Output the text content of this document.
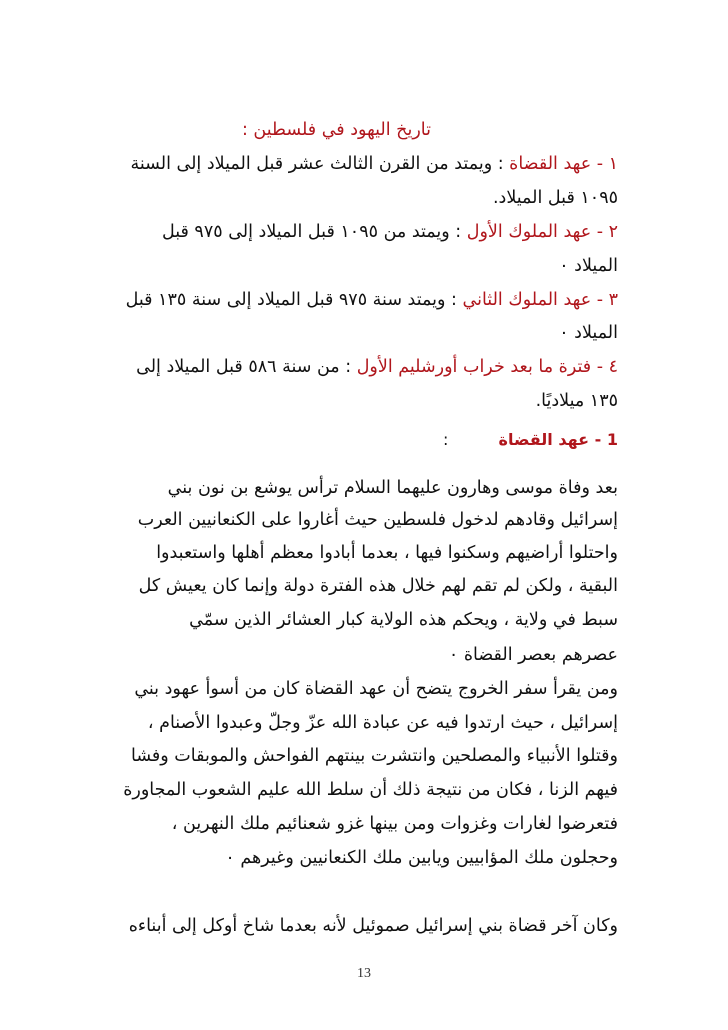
تاريخ اليهود في فلسطين :
١ - عهد القضاة : ويمتد من القرن الثالث عشر قبل الميلاد إلى السنة
١٠٩٥ قبل الميلاد.
٢ - عهد الملوك الأول : ويمتد من ١٠٩٥ قبل الميلاد إلى ٩٧٥ قبل
الميلاد ٠
٣ - عهد الملوك الثاني : ويمتد سنة ٩٧٥ قبل الميلاد إلى سنة ١٣٥ قبل
الميلاد ٠
٤ - فترة ما بعد خراب أورشليم الأول : من سنة ٥٨٦ قبل الميلاد إلى
١٣٥ ميلاديًا.
1 - عهد القضاة  :
بعد وفاة موسى وهارون عليهما السلام ترأس يوشع بن نون بني
إسرائيل وقادهم لدخول فلسطين حيث أغاروا على الكنعانيين العرب
واحتلوا أراضيهم وسكنوا فيها ، بعدما أبادوا معظم أهلها واستعبدوا
البقية ، ولكن لم تقم لهم خلال هذه الفترة دولة وإنما كان يعيش كل
سبط في ولاية ، ويحكم هذه الولاية كبار العشائر الذين سمّي
عصرهم بعصر القضاة ٠
ومن يقرأ سفر الخروج يتضح أن عهد القضاة كان من أسوأ عهود بني
إسرائيل ، حيث ارتدوا فيه عن عبادة الله عزّ وجلّ وعبدوا الأصنام ،
وقتلوا الأنبياء والمصلحين وانتشرت بينتهم الفواحش والموبقات وفشا
فيهم الزنا ، فكان من نتيجة ذلك أن سلط الله عليم الشعوب المجاورة
فتعرضوا لغارات وغزوات ومن بينها غزو شعنائيم ملك النهرين ،
وحجلون ملك المؤابيين ويابين ملك الكنعانيين وغيرهم ٠
وكان آخر قضاة بني إسرائيل صموئيل لأنه بعدما شاخ أوكل إلى أبناءه
13
